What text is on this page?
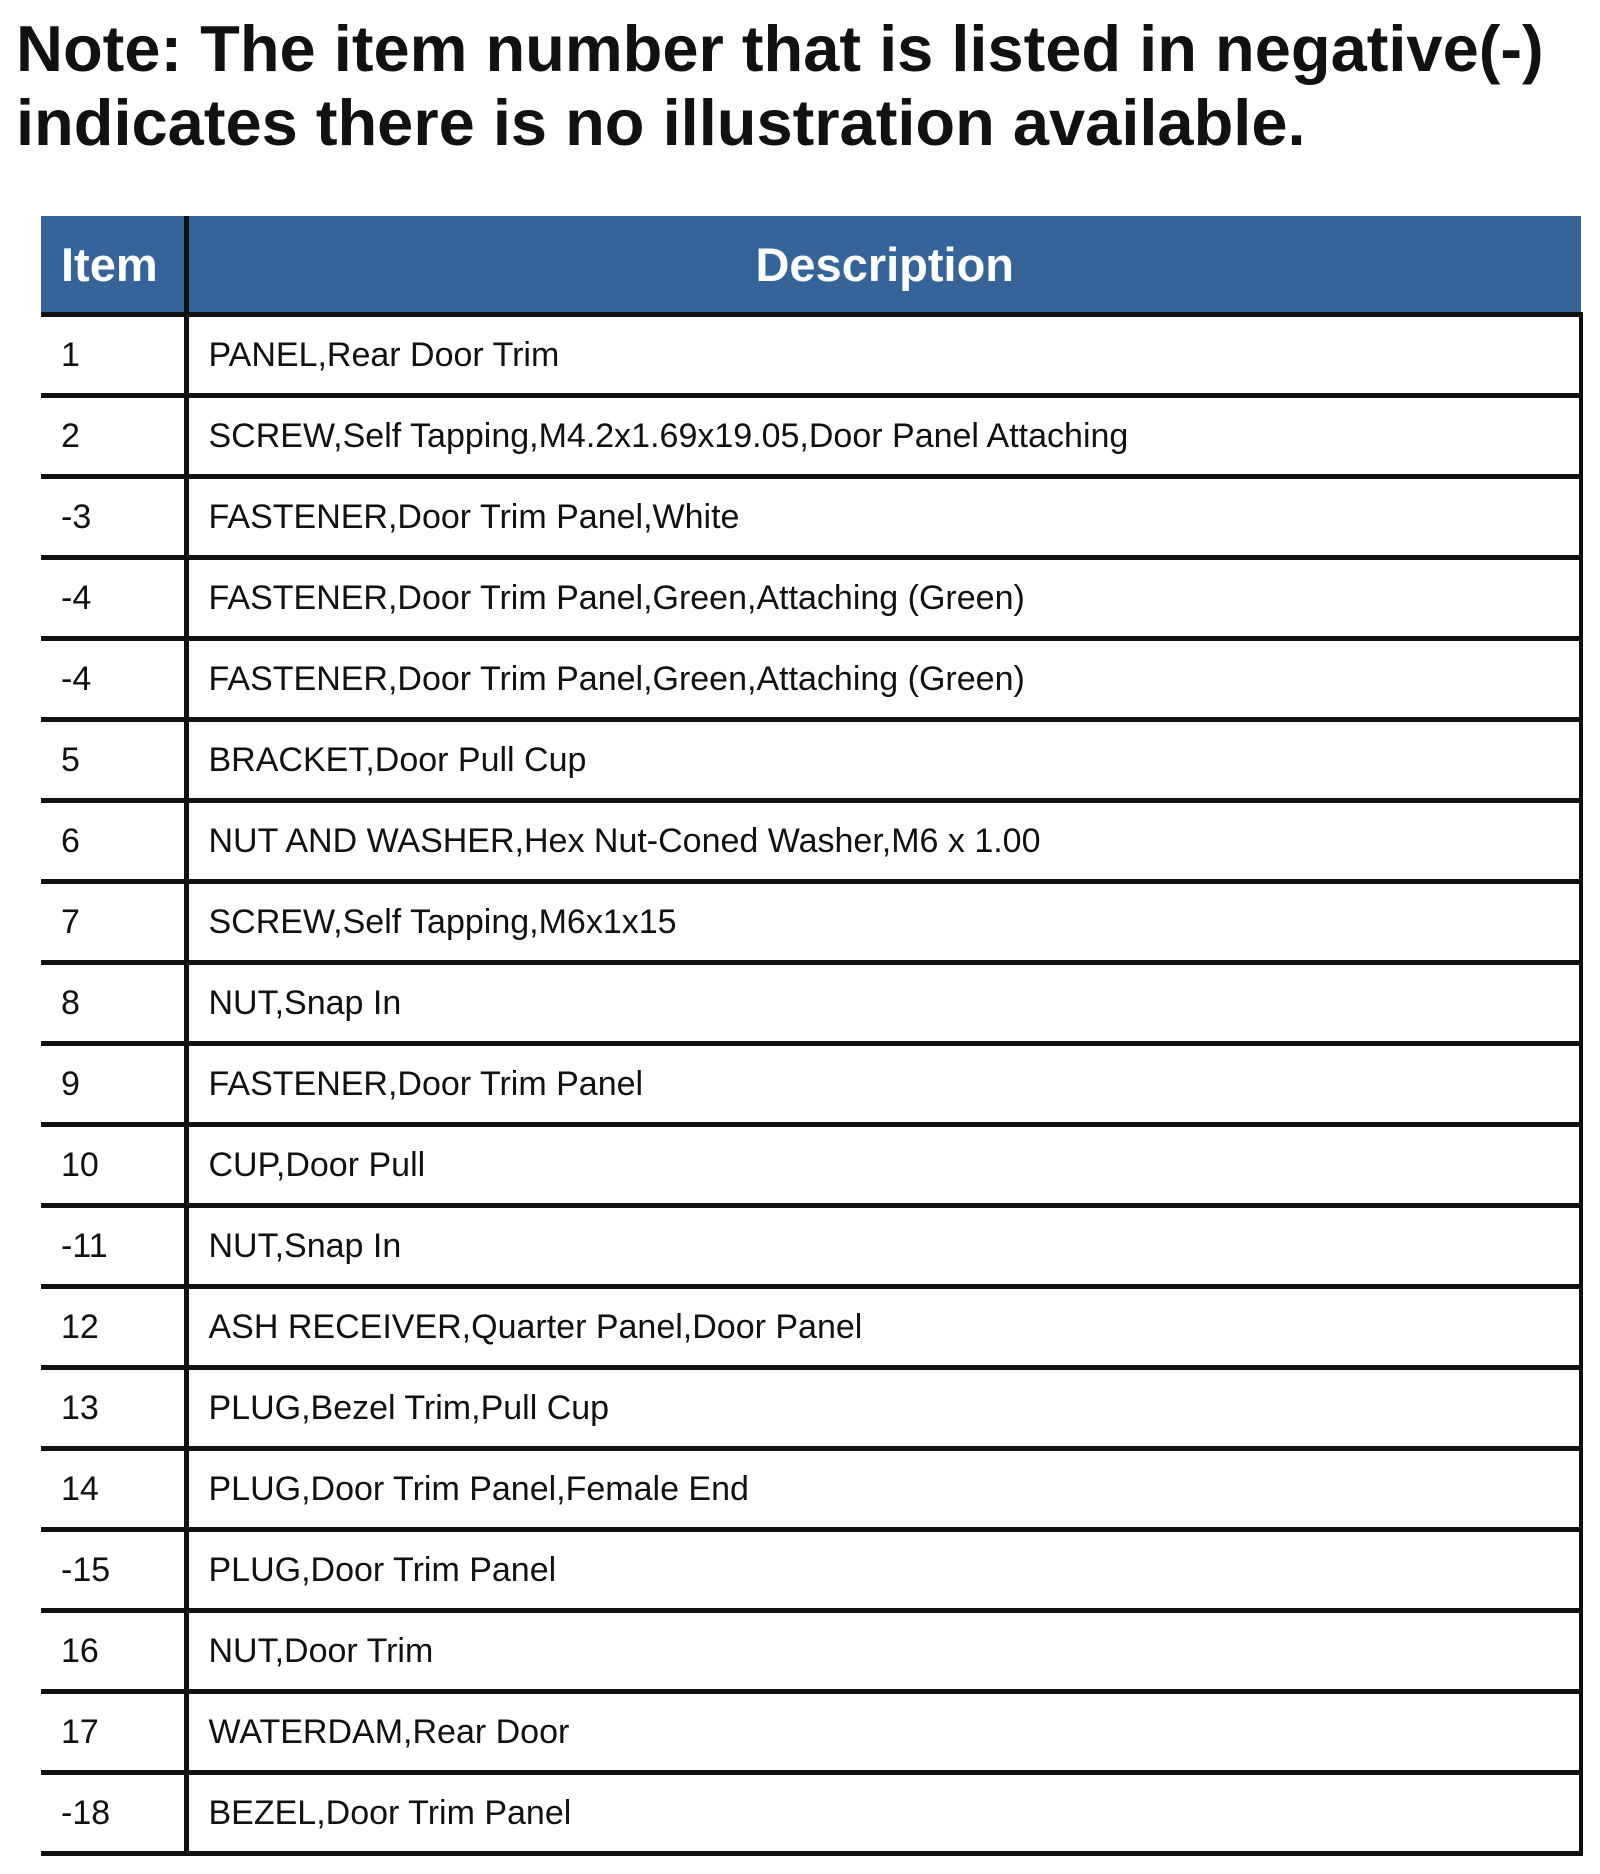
Note: The item number that is listed in negative(-)
indicates there is no illustration available.
Item	Description
1	PANEL,Rear Door Trim
2	SCREW,Self Tapping,M4.2x1.69x19.05,Door Panel Attaching
-3	FASTENER,Door Trim Panel,White
-4	FASTENER,Door Trim Panel,Green,Attaching (Green)
-4	FASTENER,Door Trim Panel,Green,Attaching (Green)
5	BRACKET,Door Pull Cup
6	NUT AND WASHER,Hex Nut-Coned Washer,M6 x 1.00
7	SCREW,Self Tapping,M6x1x15
8	NUT,Snap In
9	FASTENER,Door Trim Panel
10	CUP,Door Pull
-11	NUT,Snap In
12	ASH RECEIVER,Quarter Panel,Door Panel
13	PLUG,Bezel Trim,Pull Cup
14	PLUG,Door Trim Panel,Female End
-15	PLUG,Door Trim Panel
16	NUT,Door Trim
17	WATERDAM,Rear Door
-18	BEZEL,Door Trim Panel
